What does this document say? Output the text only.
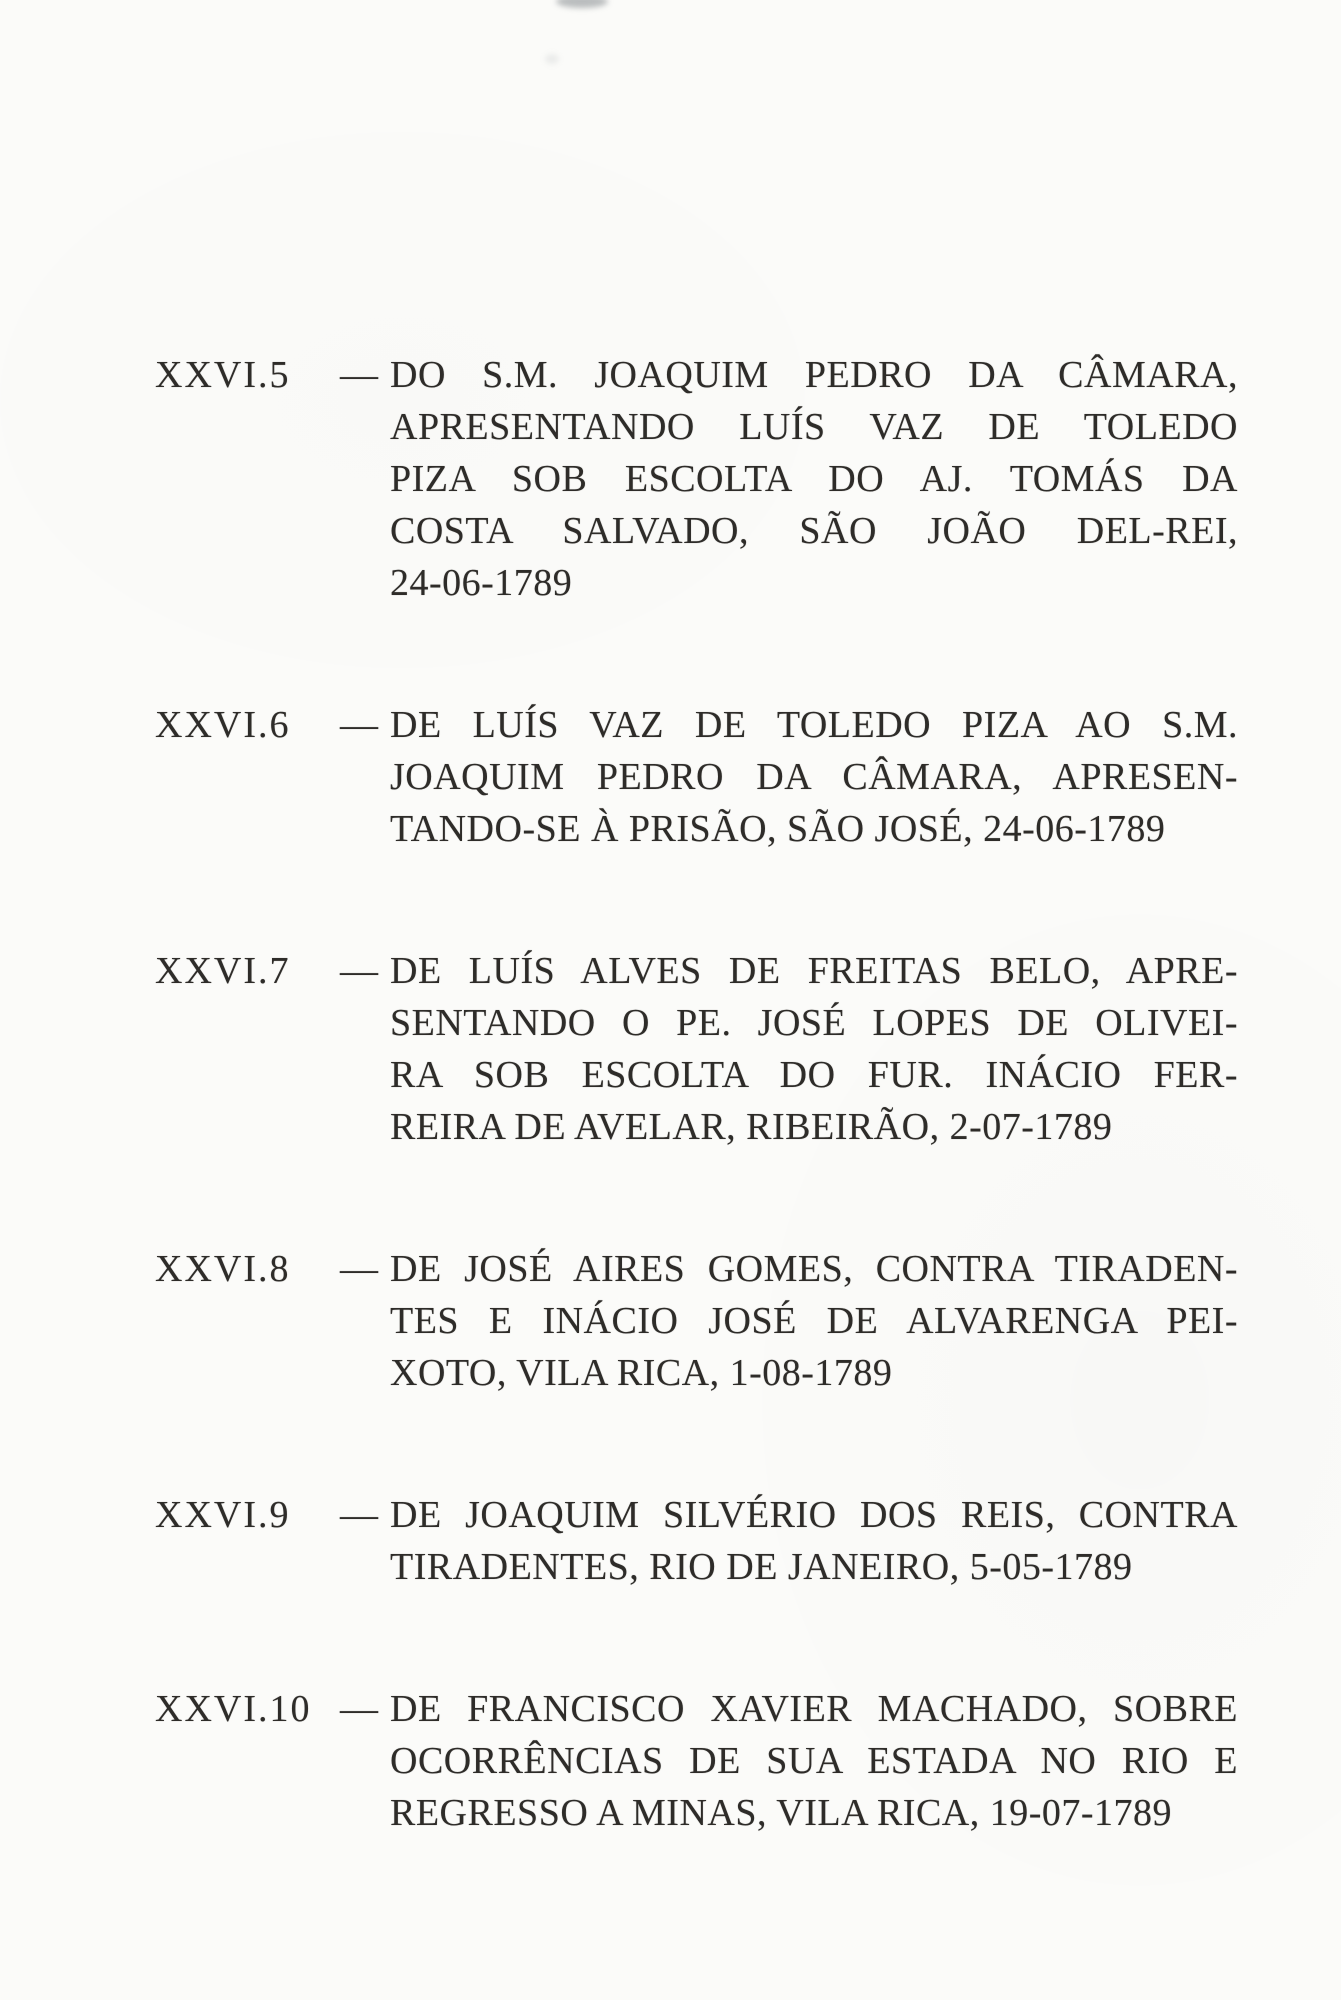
XXVI.5	— DO S.M. JOAQUIM PEDRO DA CÂMARA,
APRESENTANDO LUÍS VAZ DE TOLEDO
PIZA SOB ESCOLTA DO AJ. TOMÁS DA
COSTA SALVADO, SÃO JOÃO DEL-REI,
24-06-1789
XXVI.6	— DE LUÍS VAZ DE TOLEDO PIZA AO S.M.
JOAQUIM PEDRO DA CÂMARA, APRESEN-
TANDO-SE À PRISÃO, SÃO JOSÉ, 24-06-1789
XXVI.7	— DE LUÍS ALVES DE FREITAS BELO, APRE-
SENTANDO O PE. JOSÉ LOPES DE OLIVEI-
RA SOB ESCOLTA DO FUR. INÁCIO FER-
REIRA DE AVELAR, RIBEIRÃO, 2-07-1789
XXVI.8	— DE JOSÉ AIRES GOMES, CONTRA TIRADEN-
TES E INÁCIO JOSÉ DE ALVARENGA PEI-
XOTO, VILA RICA, 1-08-1789
XXVI.9	— DE JOAQUIM SILVÉRIO DOS REIS, CONTRA
TIRADENTES, RIO DE JANEIRO, 5-05-1789
XXVI.10 — DE FRANCISCO XAVIER MACHADO, SOBRE
OCORRÊNCIAS DE SUA ESTADA NO RIO E
REGRESSO A MINAS, VILA RICA, 19-07-1789
